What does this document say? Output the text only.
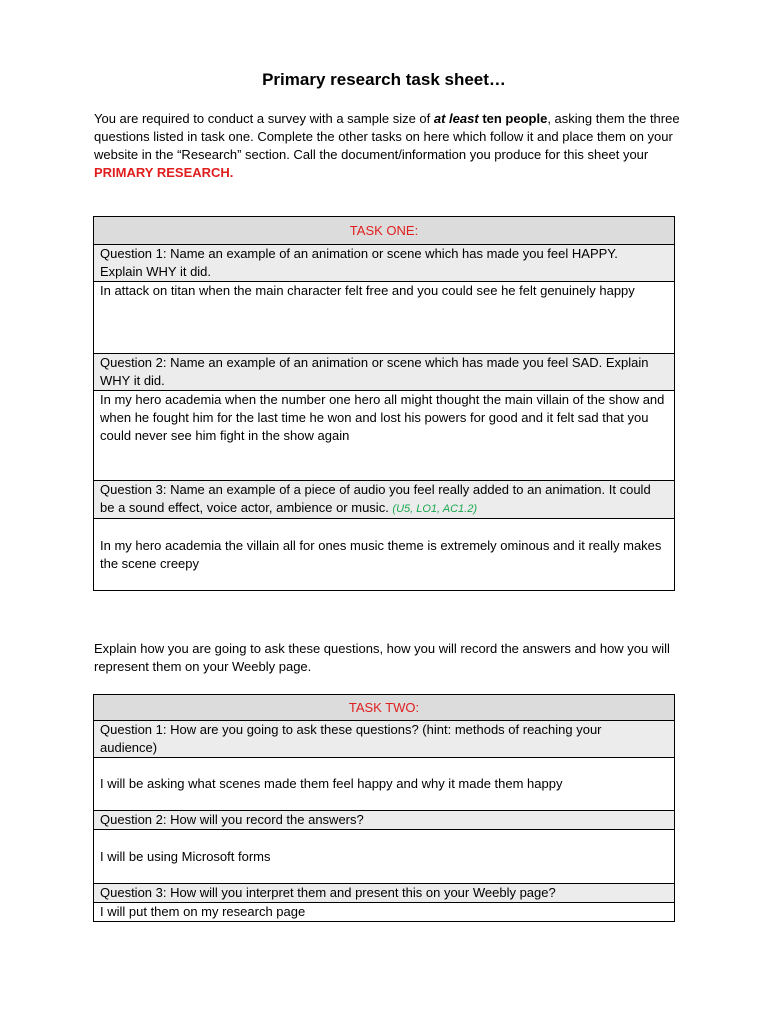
Primary research task sheet…

You are required to conduct a survey with a sample size of at least ten people, asking them the three questions listed in task one. Complete the other tasks on here which follow it and place them on your website in the “Research” section. Call the document/information you produce for this sheet your PRIMARY RESEARCH.

TASK ONE:

Question 1: Name an example of an animation or scene which has made you feel HAPPY. Explain WHY it did.

In attack on titan when the main character felt free and you could see he felt genuinely happy

Question 2: Name an example of an animation or scene which has made you feel SAD. Explain WHY it did.
In my hero academia when the number one hero all might thought the main villain of the show and when he fought him for the last time he won and lost his powers for good and it felt sad that you could never see him fight in the show again
Question 3: Name an example of a piece of audio you feel really added to an animation. It could be a sound effect, voice actor, ambience or music. (U5, LO1, AC1.2)
In my hero academia the villain all for ones music theme is extremely ominous and it really makes the scene creepy

Explain how you are going to ask these questions, how you will record the answers and how you will represent them on your Weebly page.

TASK TWO:

Question 1: How are you going to ask these questions? (hint: methods of reaching your audience)

I will be asking what scenes made them feel happy and why it made them happy
Question 2: How will you record the answers?
I will be using Microsoft forms
Question 3: How will you interpret them and present this on your Weebly page?
I will put them on my research page
